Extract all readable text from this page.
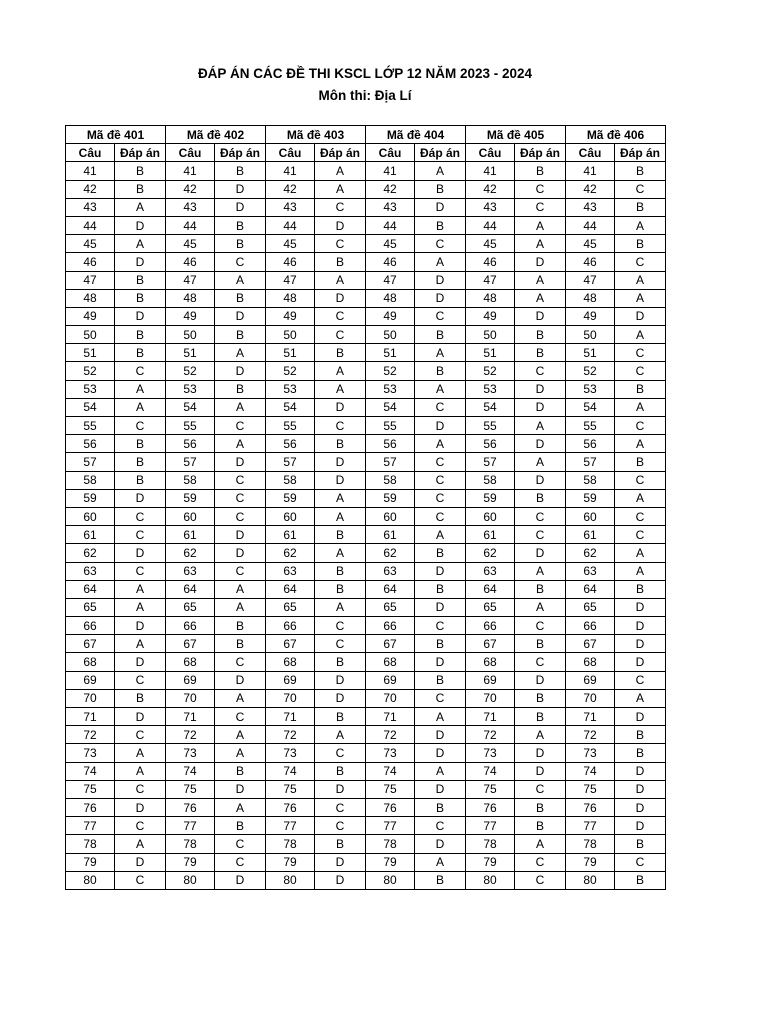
ĐÁP ÁN CÁC ĐỀ THI KSCL LỚP 12 NĂM 2023 - 2024
Môn thi: Địa Lí
Mã đề 401		Mã đề 402		Mã đề 403		Mã đề 404		Mã đề 405		Mã đề 406	
Câu	Đáp án	Câu	Đáp án	Câu	Đáp án	Câu	Đáp án	Câu	Đáp án	Câu	Đáp án
41	B	41	B	41	A	41	A	41	B	41	B
42	B	42	D	42	A	42	B	42	C	42	C
43	A	43	D	43	C	43	D	43	C	43	B
44	D	44	B	44	D	44	B	44	A	44	A
45	A	45	B	45	C	45	C	45	A	45	B
46	D	46	C	46	B	46	A	46	D	46	C
47	B	47	A	47	A	47	D	47	A	47	A
48	B	48	B	48	D	48	D	48	A	48	A
49	D	49	D	49	C	49	C	49	D	49	D
50	B	50	B	50	C	50	B	50	B	50	A
51	B	51	A	51	B	51	A	51	B	51	C
52	C	52	D	52	A	52	B	52	C	52	C
53	A	53	B	53	A	53	A	53	D	53	B
54	A	54	A	54	D	54	C	54	D	54	A
55	C	55	C	55	C	55	D	55	A	55	C
56	B	56	A	56	B	56	A	56	D	56	A
57	B	57	D	57	D	57	C	57	A	57	B
58	B	58	C	58	D	58	C	58	D	58	C
59	D	59	C	59	A	59	C	59	B	59	A
60	C	60	C	60	A	60	C	60	C	60	C
61	C	61	D	61	B	61	A	61	C	61	C
62	D	62	D	62	A	62	B	62	D	62	A
63	C	63	C	63	B	63	D	63	A	63	A
64	A	64	A	64	B	64	B	64	B	64	B
65	A	65	A	65	A	65	D	65	A	65	D
66	D	66	B	66	C	66	C	66	C	66	D
67	A	67	B	67	C	67	B	67	B	67	D
68	D	68	C	68	B	68	D	68	C	68	D
69	C	69	D	69	D	69	B	69	D	69	C
70	B	70	A	70	D	70	C	70	B	70	A
71	D	71	C	71	B	71	A	71	B	71	D
72	C	72	A	72	A	72	D	72	A	72	B
73	A	73	A	73	C	73	D	73	D	73	B
74	A	74	B	74	B	74	A	74	D	74	D
75	C	75	D	75	D	75	D	75	C	75	D
76	D	76	A	76	C	76	B	76	B	76	D
77	C	77	B	77	C	77	C	77	B	77	D
78	A	78	C	78	B	78	D	78	A	78	B
79	D	79	C	79	D	79	A	79	C	79	C
80	C	80	D	80	D	80	B	80	C	80	B
